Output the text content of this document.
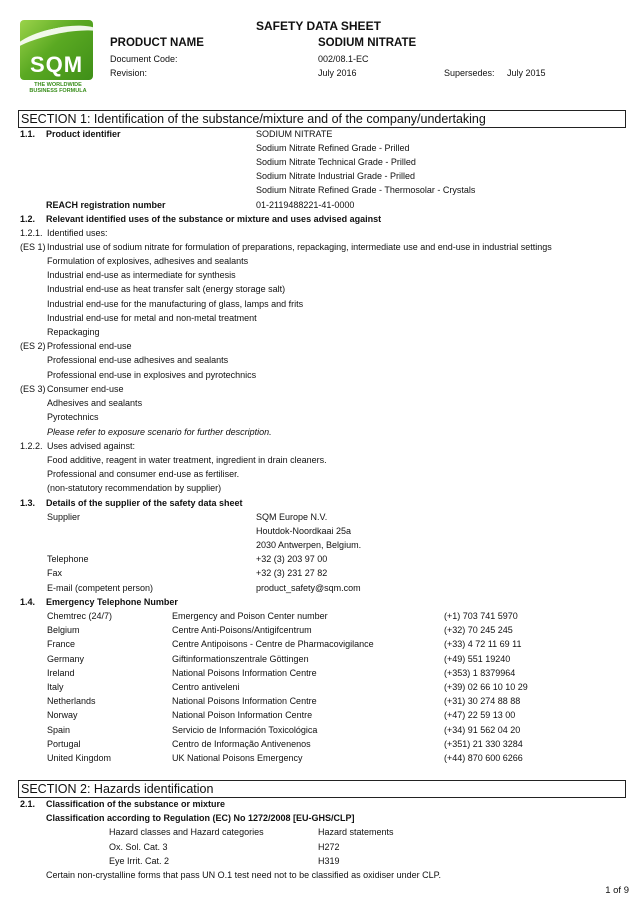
SQM
THE WORLDWIDE
BUSINESS FORMULA
SAFETY DATA SHEET
PRODUCT NAME	SODIUM NITRATE
Document Code:	002/08.1-EC
Revision:	July 2016	Supersedes: July 2015
SECTION 1: Identification of the substance/mixture and of the company/undertaking
1.1. Product identifier	SODIUM NITRATE
Sodium Nitrate Refined Grade - Prilled
Sodium Nitrate Technical Grade - Prilled
Sodium Nitrate Industrial Grade - Prilled
Sodium Nitrate Refined Grade - Thermosolar - Crystals
REACH registration number	01-2119488221-41-0000
1.2. Relevant identified uses of the substance or mixture and uses advised against
1.2.1. Identified uses:
(ES 1) Industrial use of sodium nitrate for formulation of preparations, repackaging, intermediate use and end-use in industrial settings
Formulation of explosives, adhesives and sealants
Industrial end-use as intermediate for synthesis
Industrial end-use as heat transfer salt (energy storage salt)
Industrial end-use for the manufacturing of glass, lamps and frits
Industrial end-use for metal and non-metal treatment
Repackaging
(ES 2) Professional end-use
Professional end-use adhesives and sealants
Professional end-use in explosives and pyrotechnics
(ES 3) Consumer end-use
Adhesives and sealants
Pyrotechnics
Please refer to exposure scenario for further description.
1.2.2. Uses advised against:
Food additive, reagent in water treatment, ingredient in drain cleaners.
Professional and consumer end-use as fertiliser.
(non-statutory recommendation by supplier)
1.3. Details of the supplier of the safety data sheet
Supplier	SQM Europe N.V.
Houtdok-Noordkaai 25a
2030 Antwerpen, Belgium.
Telephone	+32 (3) 203 97 00
Fax	+32 (3) 231 27 82
E-mail (competent person)	product_safety@sqm.com
1.4. Emergency Telephone Number
Chemtrec (24/7)	Emergency and Poison Center number	(+1) 703 741 5970
Belgium	Centre Anti-Poisons/Antigifcentrum	(+32) 70 245 245
France	Centre Antipoisons - Centre de Pharmacovigilance	(+33) 4 72 11 69 11
Germany	Giftinformationszentrale Göttingen	(+49) 551 19240
Ireland	National Poisons Information Centre	(+353) 1 8379964
Italy	Centro antiveleni	(+39) 02 66 10 10 29
Netherlands	National Poisons Information Centre	(+31) 30 274 88 88
Norway	National Poison Information Centre	(+47) 22 59 13 00
Spain	Servicio de Información Toxicológica	(+34) 91 562 04 20
Portugal	Centro de Informação Antivenenos	(+351) 21 330 3284
United Kingdom	UK National Poisons Emergency	(+44) 870 600 6266
SECTION 2: Hazards identification
2.1. Classification of the substance or mixture
Classification according to Regulation (EC) No 1272/2008 [EU-GHS/CLP]
Hazard classes and Hazard categories	Hazard statements
Ox. Sol. Cat. 3	H272
Eye Irrit. Cat. 2	H319
Certain non-crystalline forms that pass UN O.1 test need not to be classified as oxidiser under CLP.
1 of 9
